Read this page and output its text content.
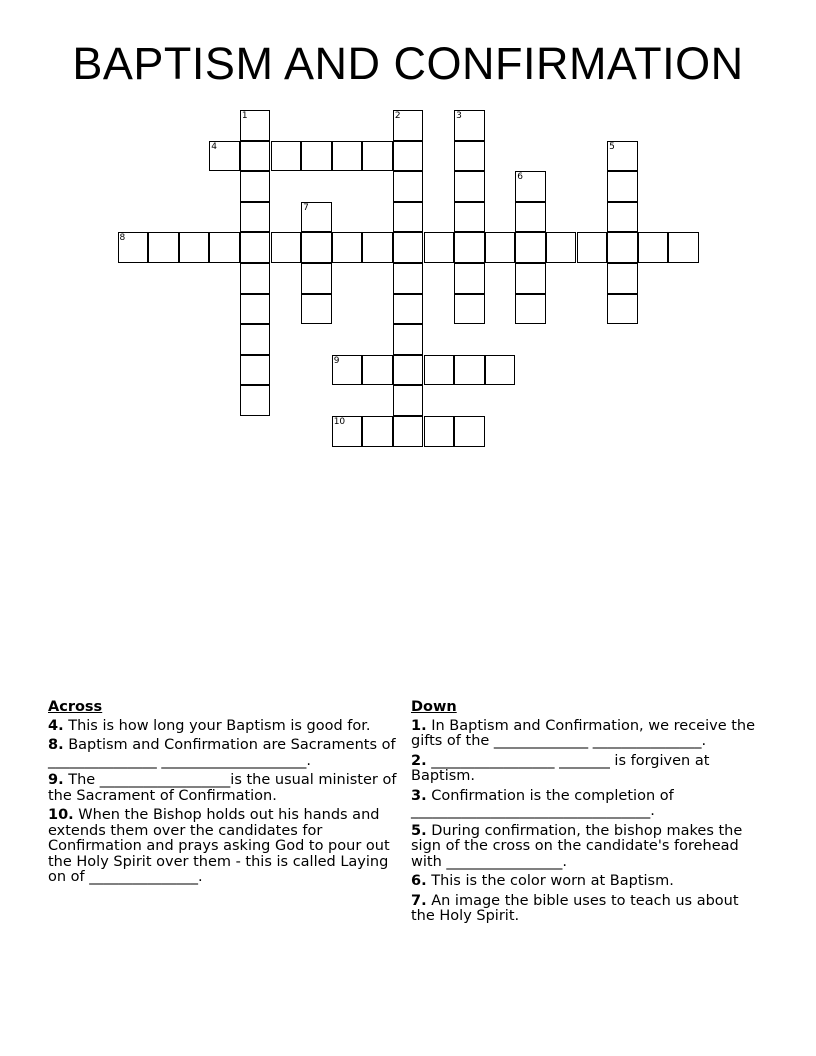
BAPTISM AND CONFIRMATION
1	2	3
4	5
6
7
8
9
10
Across
4. This is how long your Baptism is good for.
8. Baptism and Confirmation are Sacraments of _______________ ____________________.
9. The __________________is the usual minister of the Sacrament of Confirmation.
10. When the Bishop holds out his hands and extends them over the candidates for Confirmation and prays asking God to pour out the Holy Spirit over them - this is called Laying on of _______________.
Down
1. In Baptism and Confirmation, we receive the gifts of the _____________ _______________.
2. _________________ _______ is forgiven at Baptism.
3. Confirmation is the completion of _________________________________.
5. During confirmation, the bishop makes the sign of the cross on the candidate's forehead with ________________.
6. This is the color worn at Baptism.
7. An image the bible uses to teach us about the Holy Spirit.
